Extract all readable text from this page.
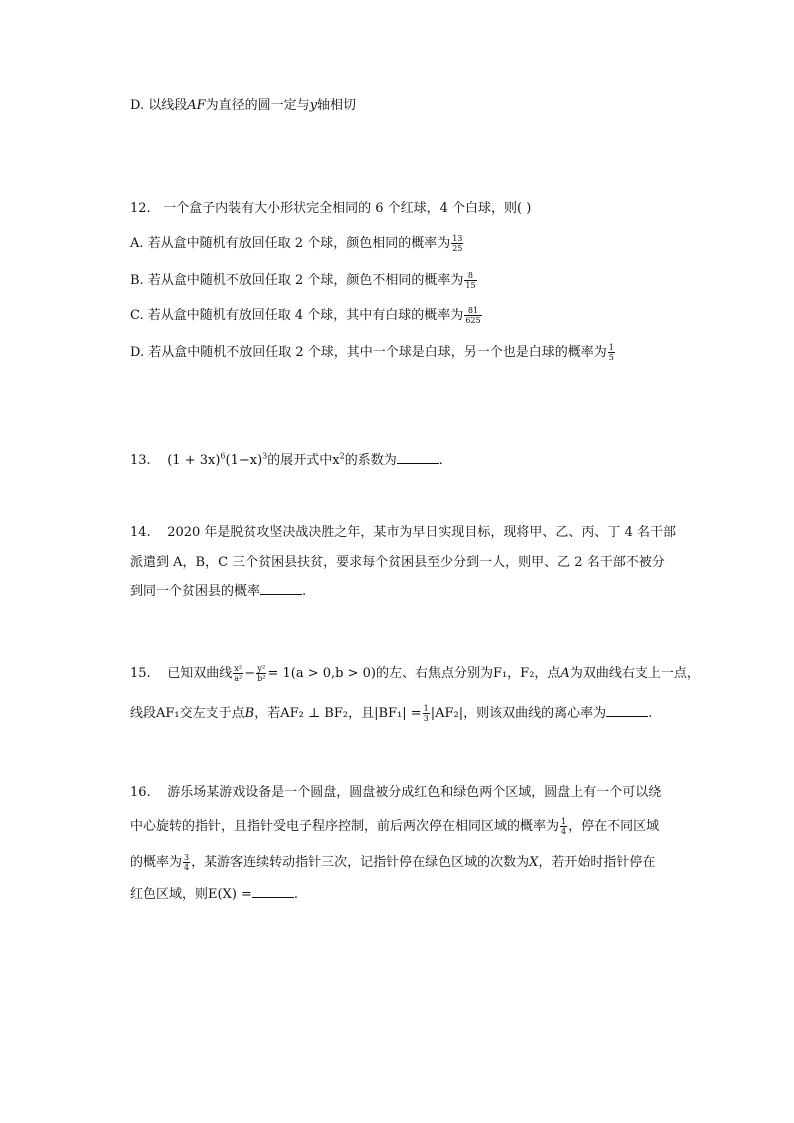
D. 以线段AF为直径的圆一定与y轴相切
12. 一个盒子内装有大小形状完全相同的 6 个红球，4 个白球，则( )
A. 若从盒中随机有放回任取 2 个球，颜色相同的概率为 $\frac{13}{25}$
B. 若从盒中随机不放回任取 2 个球，颜色不相同的概率为 $\frac{8}{15}$
C. 若从盒中随机有放回任取 4 个球，其中有白球的概率为 $\frac{81}{625}$
D. 若从盒中随机不放回任取 2 个球，其中一个球是白球，另一个也是白球的概率为 $\frac{1}{5}$
13. $(1 + 3x)^6(1-x)^3$的展开式中$x^2$的系数为	.
14. 2020 年是脱贫攻坚决战决胜之年，某市为早日实现目标，现将甲、乙、丙、丁 4 名干部
派遣到 A，B，C 三个贫困县扶贫，要求每个贫困县至少分到一人，则甲、乙 2 名干部不被分
到同一个贫困县的概率	.
15. 已知双曲线 $\frac{\text{x²}}{\text{a²}} - \frac{\text{y²}}{\text{b²}} = 1(a > 0,b > 0)$的左、右焦点分别为F₁，F₂，点A为双曲线右支上一点，
线段AF₁交左支于点B，若AF₂ ⊥ BF₂，且$|BF_1| = \frac{1}{3} |AF_2|$，则该双曲线的离心率为	.
16. 游乐场某游戏设备是一个圆盘，圆盘被分成红色和绿色两个区域，圆盘上有一个可以绕
中心旋转的指针，且指针受电子程序控制，前后两次停在相同区域的概率为 $\frac{1}{4}$ ，停在不同区域
的概率为 $\frac{3}{4}$ ，某游客连续转动指针三次，记指针停在绿色区域的次数为X，若开始时指针停在
红色区域，则E(X) =	.
